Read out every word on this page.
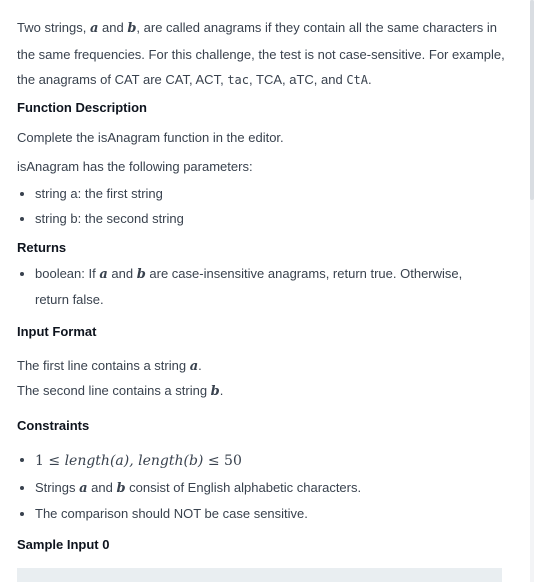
Two strings, a and b, are called anagrams if they contain all the same characters in the same frequencies. For this challenge, the test is not case-sensitive. For example, the anagrams of CAT are CAT, ACT, tac, TCA, aTC, and CtA.

Function Description
Complete the isAnagram function in the editor.
isAnagram has the following parameters:
string a: the first string
string b: the second string
Returns
boolean: If a and b are case-insensitive anagrams, return true. Otherwise, return false.
Input Format
The first line contains a string a.
The second line contains a string b.
Constraints
1 ≤ length(a), length(b) ≤ 50
Strings a and b consist of English alphabetic characters.
The comparison should NOT be case sensitive.
Sample Input 0
